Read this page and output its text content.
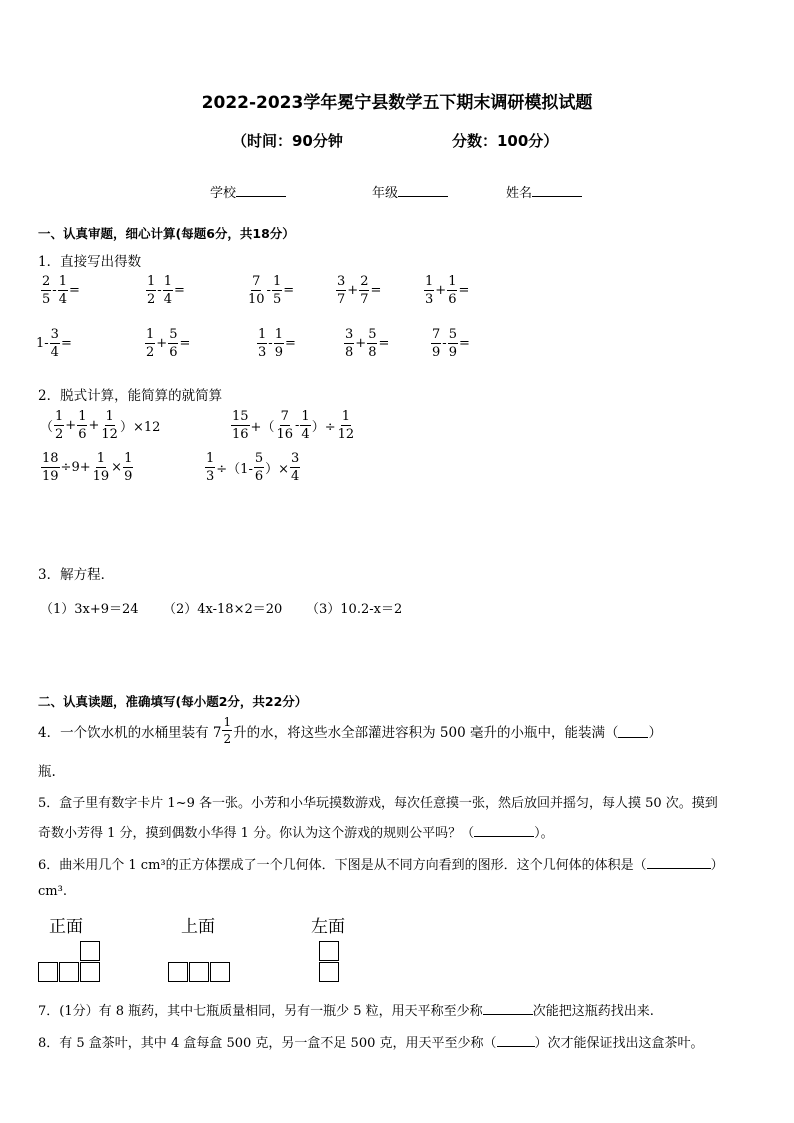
2022-2023学年冕宁县数学五下期末调研模拟试题
（时间：90分钟	分数：100分）
学校	年级	姓名
一、认真审题，细心计算(每题6分，共18分）
1．直接写出得数
$\frac{2}{5} - \frac{1}{4}$ =	$\frac{1}{2} - \frac{1}{4}$ =	$\frac{7}{10} - \frac{1}{5}$ =	$\frac{3}{7} + \frac{2}{7}$ =	$\frac{1}{3} + \frac{1}{6}$ =
$1- \frac{3}{4}$ =	$\frac{1}{2} + \frac{5}{6}$ =	$\frac{1}{3} - \frac{1}{9}$ =	$\frac{3}{8} + \frac{5}{8}$ =	$\frac{7}{9} - \frac{5}{9}$ =
2．脱式计算，能简算的就简算
（ $\frac{1}{2} + \frac{1}{6} + \frac{1}{12} )\times 12$	$\frac{15}{16}$ +（ $\frac{7}{16} - \frac{1}{4}$ ）÷ $\frac{1}{12}$
$\frac{18}{19} \div 9+ \frac{1}{19} \times \frac{1}{9}$	$\frac{1}{3} \div(1- \frac{5}{6}$ ）× $\frac{3}{4}$
3．解方程．
（1）3x+9＝24 （2）4x-18×2＝20 （3）10.2-x＝2
二、认真读题，准确填写(每小题2分，共22分）
4．一个饮水机的水桶里装有 $7 \frac{1}{2}$ 升的水，将这些水全部灌进容积为 500 毫升的小瓶中，能装满（ ）
瓶.
5．盒子里有数字卡片 1~9 各一张。小芳和小华玩摸数游戏，每次任意摸一张，然后放回并摇匀，每人摸 50 次。摸到
奇数小芳得 1 分，摸到偶数小华得 1 分。你认为这个游戏的规则公平吗？（	）。
6．曲米用几个 1 cm³的正方体摆成了一个几何体．下图是从不同方向看到的图形．这个几何体的体积是（	）
cm³.
正面	上面	左面
7．(1分）有 8 瓶药，其中七瓶质量相同，另有一瓶少 5 粒，用天平称至少称	次能把这瓶药找出来.
8．有 5 盒茶叶，其中 4 盒每盒 500 克，另一盒不足 500 克，用天平至少称（	）次才能保证找出这盒茶叶。
